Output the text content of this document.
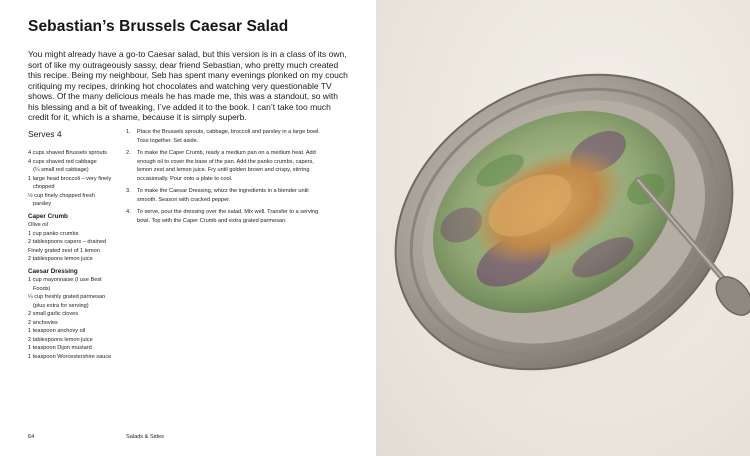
Sebastian’s Brussels Caesar Salad

You might already have a go-to Caesar salad, but this version is in a class of its own, sort of like my outrageously sassy, dear friend Sebastian, who pretty much created this recipe. Being my neighbour, Seb has spent many evenings plonked on my couch critiquing my recipes, drinking hot chocolates and watching very questionable TV shows. Of the many delicious meals he has made me, this was a standout, so with his blessing and a bit of tweaking, I’ve added it to the book. I can’t take too much credit for it, which is a shame, because it is simply superb.

Serves 4
4 cups shaved Brussels sprouts
4 cups shaved red cabbage
(¼ small red cabbage)
1 large head broccoli – very finely
chopped
½ cup finely chopped fresh
parsley
Caper Crumb
Olive oil
1 cup panko crumbs
2 tablespoons capers – drained
Finely grated zest of 1 lemon
2 tablespoons lemon juice
Caesar Dressing
1 cup mayonnaise (I use Best
Foods)
¼ cup freshly grated parmesan
(plus extra for serving)
2 small garlic cloves
2 anchovies
1 teaspoon anchovy oil
2 tablespoons lemon juice
1 teaspoon Dijon mustard
1 teaspoon Worcestershire sauce
1.	Place the Brussels sprouts, cabbage, broccoli and parsley in a large bowl. Toss together. Set aside.
2.	To make the Caper Crumb, ready a medium pan on a medium heat. Add enough oil to cover the base of the pan. Add the panko crumbs, capers, lemon zest and lemon juice. Fry until golden brown and crispy, stirring occasionally. Pour onto a plate to cool.
3.	To make the Caesar Dressing, whizz the ingredients in a blender until smooth. Season with cracked pepper.
4.	To serve, pour the dressing over the salad. Mix well. Transfer to a serving bowl. Top with the Caper Crumb and extra grated parmesan.
64	Salads & Sides
